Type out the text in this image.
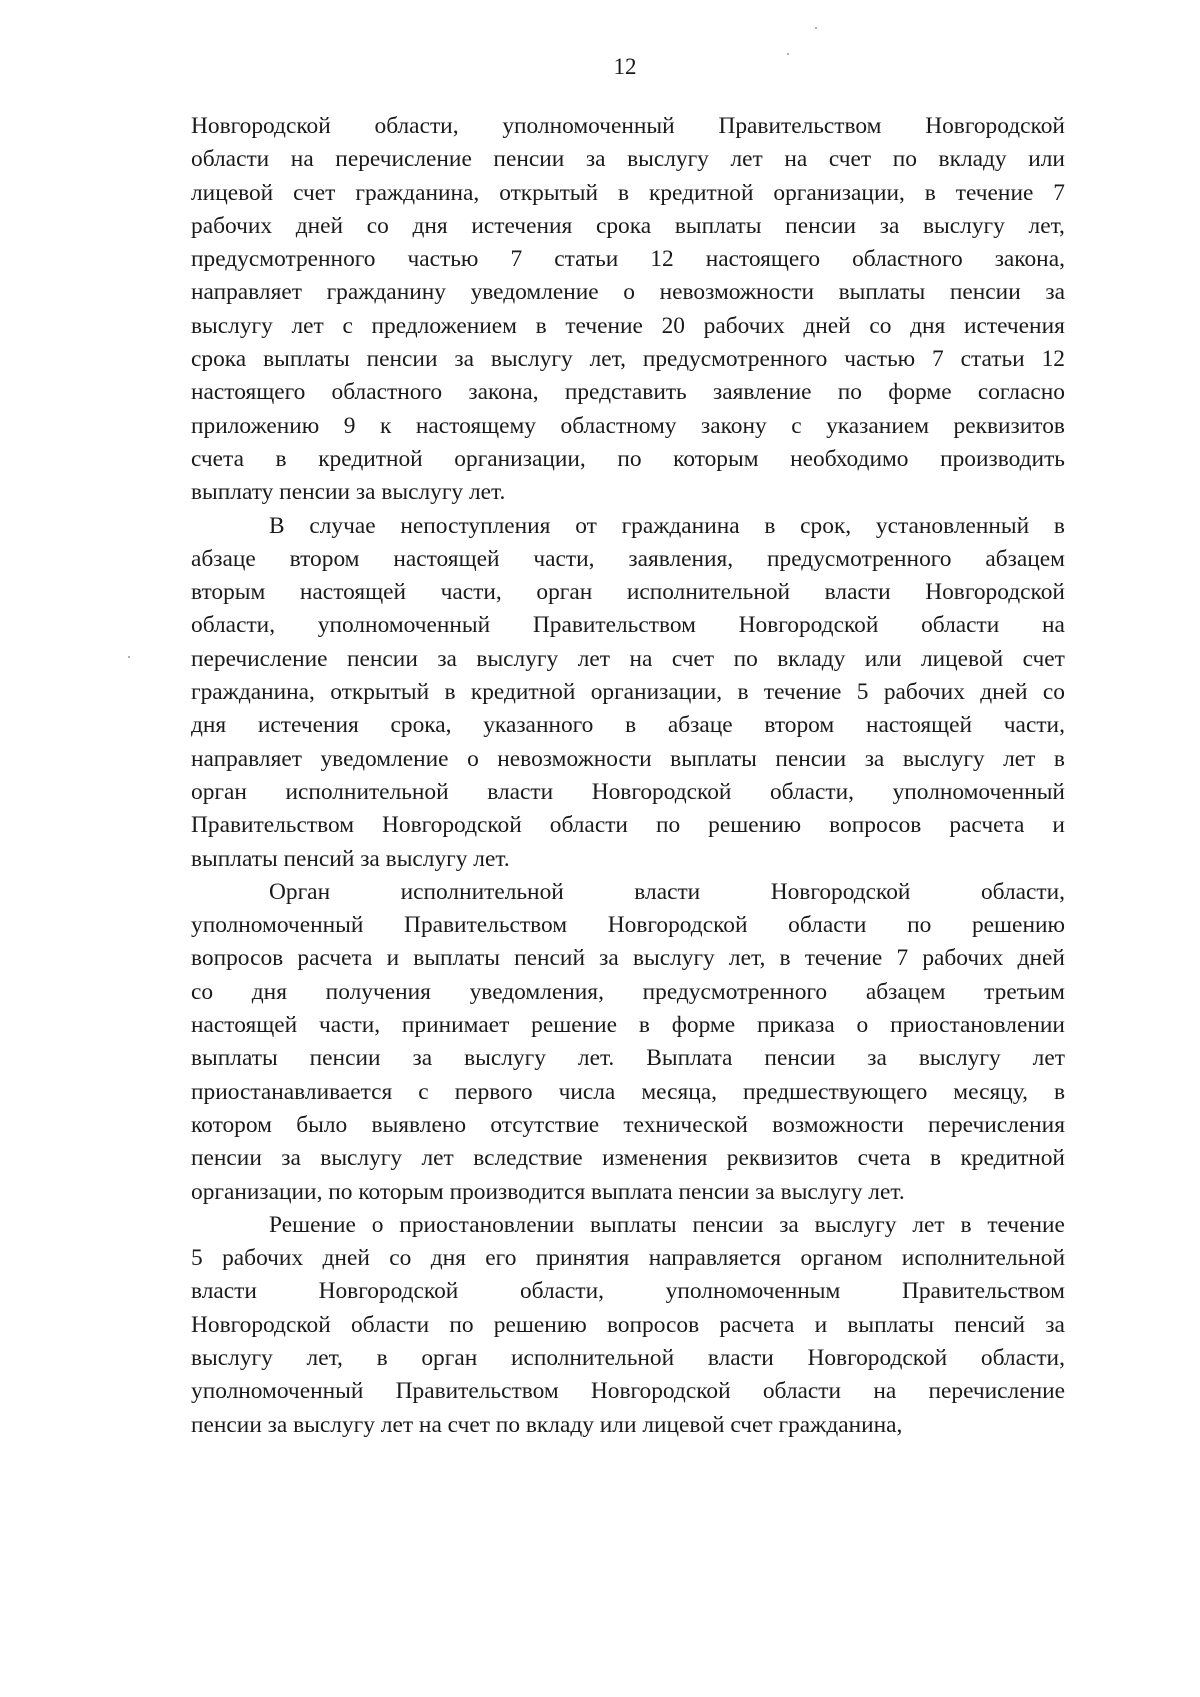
12
Новгородской области, уполномоченный Правительством Новгородской
области на перечисление пенсии за выслугу лет на счет по вкладу или
лицевой счет гражданина, открытый в кредитной организации, в течение 7
рабочих дней со дня истечения срока выплаты пенсии за выслугу лет,
предусмотренного частью 7 статьи 12 настоящего областного закона,
направляет гражданину уведомление о невозможности выплаты пенсии за
выслугу лет с предложением в течение 20 рабочих дней со дня истечения
срока выплаты пенсии за выслугу лет, предусмотренного частью 7 статьи 12
настоящего областного закона, представить заявление по форме согласно
приложению 9 к настоящему областному закону с указанием реквизитов
счета в кредитной организации, по которым необходимо производить
выплату пенсии за выслугу лет.
В случае непоступления от гражданина в срок, установленный в
абзаце втором настоящей части, заявления, предусмотренного абзацем
вторым настоящей части, орган исполнительной власти Новгородской
области, уполномоченный Правительством Новгородской области на
перечисление пенсии за выслугу лет на счет по вкладу или лицевой счет
гражданина, открытый в кредитной организации, в течение 5 рабочих дней со
дня истечения срока, указанного в абзаце втором настоящей части,
направляет уведомление о невозможности выплаты пенсии за выслугу лет в
орган исполнительной власти Новгородской области, уполномоченный
Правительством Новгородской области по решению вопросов расчета и
выплаты пенсий за выслугу лет.
Орган	исполнительной	власти	Новгородской	области,
уполномоченный Правительством Новгородской области по решению
вопросов расчета и выплаты пенсий за выслугу лет, в течение 7 рабочих дней
со дня получения уведомления, предусмотренного абзацем третьим
настоящей части, принимает решение в форме приказа о приостановлении
выплаты пенсии за выслугу лет. Выплата пенсии за выслугу лет
приостанавливается с первого числа месяца, предшествующего месяцу, в
котором было выявлено отсутствие технической возможности перечисления
пенсии за выслугу лет вследствие изменения реквизитов счета в кредитной
организации, по которым производится выплата пенсии за выслугу лет.
Решение о приостановлении выплаты пенсии за выслугу лет в течение
5 рабочих дней со дня его принятия направляется органом исполнительной
власти	Новгородской	области,	уполномоченным	Правительством
Новгородской области по решению вопросов расчета и выплаты пенсий за
выслугу лет, в орган исполнительной власти Новгородской области,
уполномоченный Правительством Новгородской области на перечисление
пенсии за выслугу лет на счет по вкладу или лицевой счет гражданина,
